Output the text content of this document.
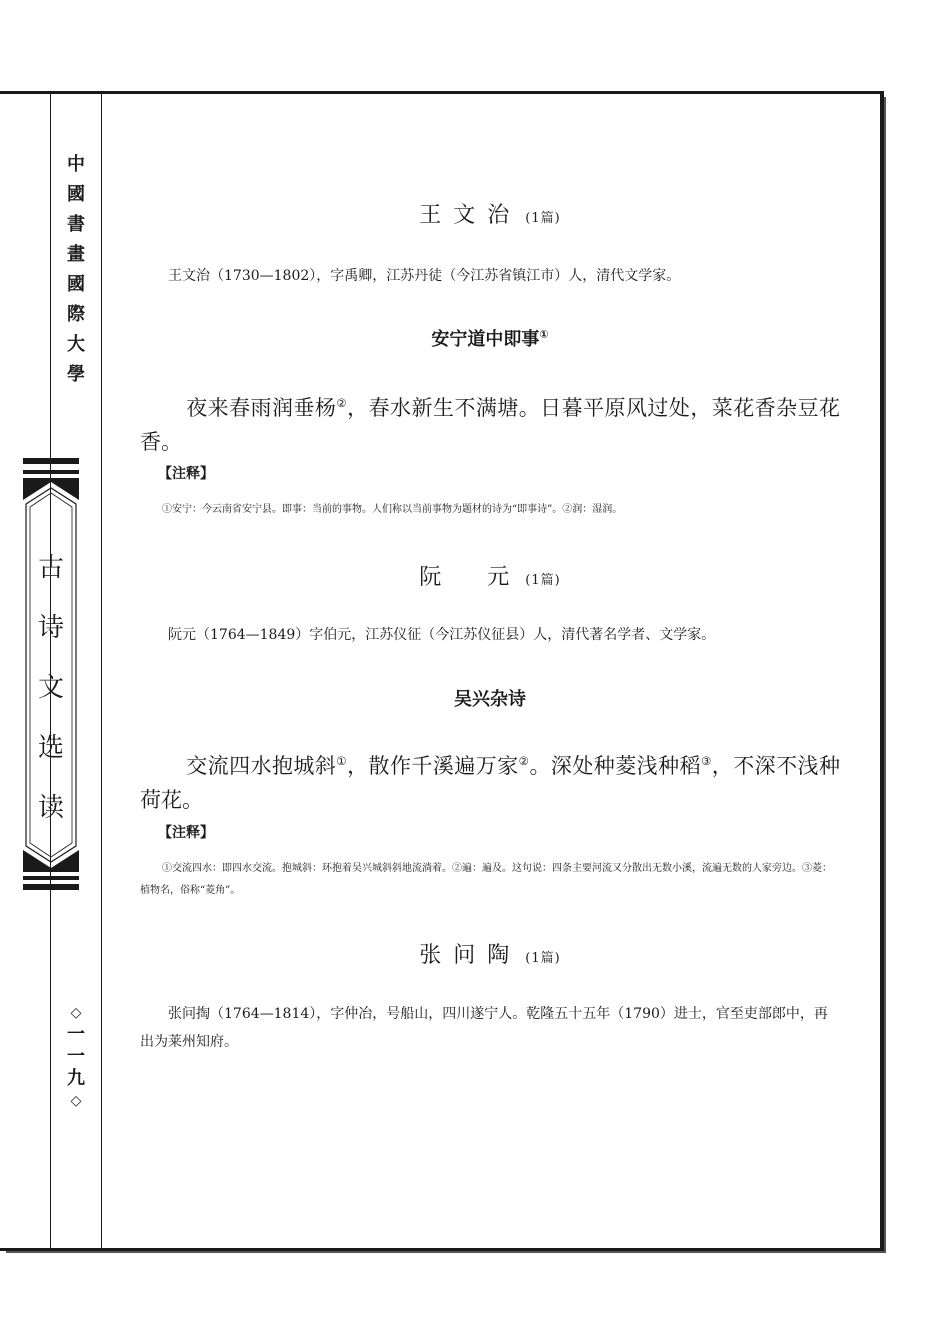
中
國
書
畫
國
際
大
學
古
诗
文
选
读
◇
一
一
九
◇
王文治 (1篇)
王文治（1730—1802），字禹卿，江苏丹徒（今江苏省镇江市）人，清代文学家。
安宁道中即事①
夜来春雨润垂杨②，春水新生不满塘。日暮平原风过处，菜花香杂豆花香。
【注释】
①安宁：今云南省安宁县。即事：当前的事物。人们称以当前事物为题材的诗为“即事诗”。②润：湿润。
阮　元 (1篇)
阮元（1764—1849）字伯元，江苏仪征（今江苏仪征县）人，清代著名学者、文学家。
吴兴杂诗
交流四水抱城斜①，散作千溪遍万家②。深处种菱浅种稻③，不深不浅种荷花。
【注释】
①交流四水：即四水交流。抱城斜：环抱着吴兴城斜斜地流淌着。②遍：遍及。这句说：四条主要河流又分散出无数小溪，流遍无数的人家旁边。③菱：植物名，俗称“菱角”。
张问陶 (1篇)
张问掏（1764—1814），字仲冶，号船山，四川遂宁人。乾隆五十五年（1790）进士，官至吏部郎中，再出为莱州知府。
